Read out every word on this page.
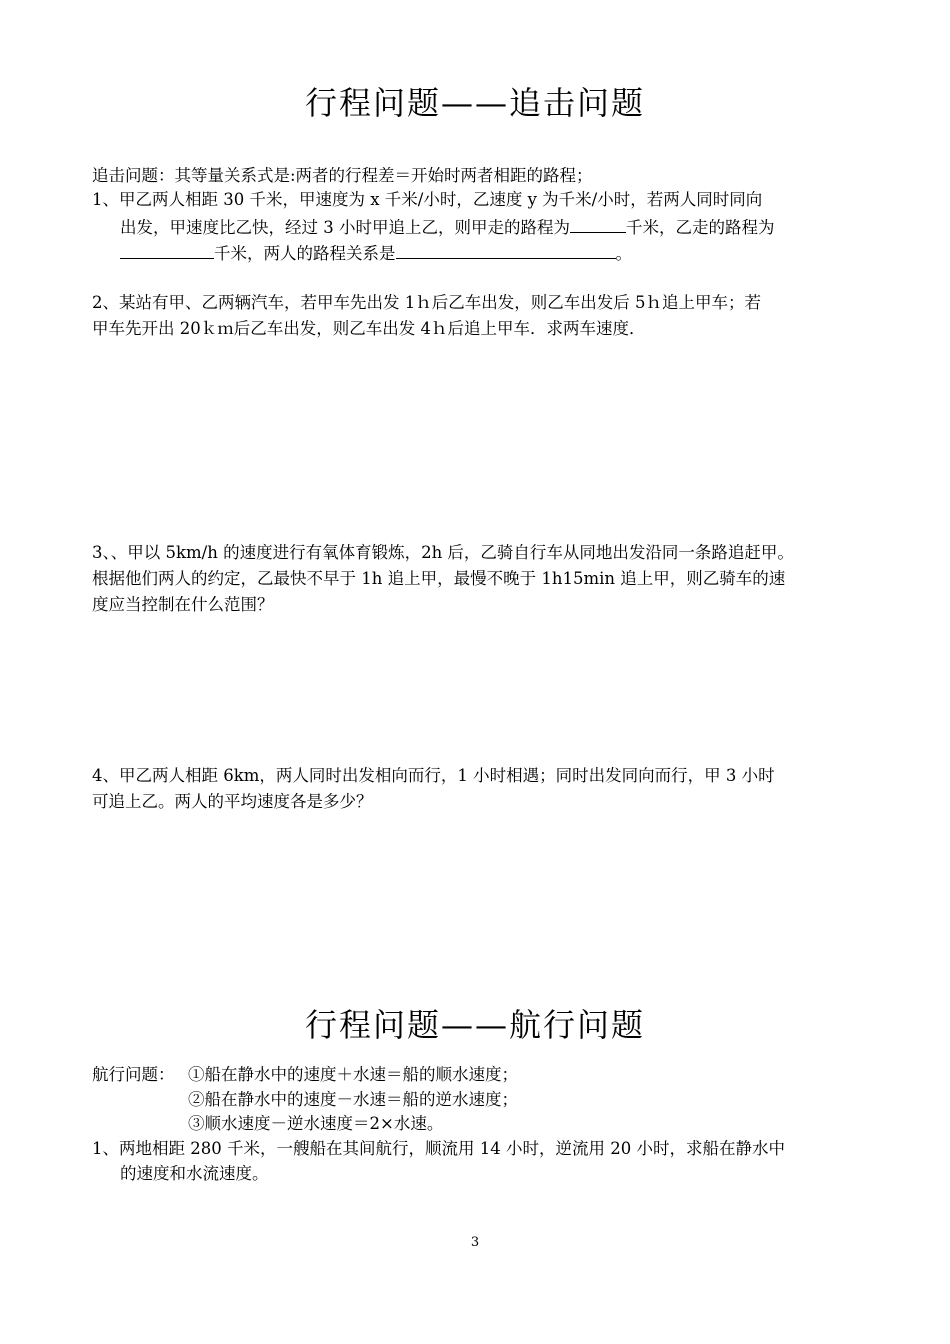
行程问题——追击问题
追击问题：其等量关系式是:两者的行程差＝开始时两者相距的路程；
1、甲乙两人相距 30 千米，甲速度为 x 千米/小时，乙速度 y 为千米/小时，若两人同时同向
出发，甲速度比乙快，经过 3 小时甲追上乙，则甲走的路程为	千米，乙走的路程为
千米，两人的路程关系是	。
2、某站有甲、乙两辆汽车，若甲车先出发 1ｈ后乙车出发，则乙车出发后 5ｈ追上甲车；若
甲车先开出 20ｋｍ后乙车出发，则乙车出发 4ｈ后追上甲车．求两车速度．
3、、甲以 5km/h 的速度进行有氧体育锻炼，2h 后，乙骑自行车从同地出发沿同一条路追赶甲。
根据他们两人的约定，乙最快不早于 1h 追上甲，最慢不晚于 1h15min 追上甲，则乙骑车的速
度应当控制在什么范围？
4、甲乙两人相距 6km，两人同时出发相向而行，1 小时相遇；同时出发同向而行，甲 3 小时
可追上乙。两人的平均速度各是多少？
行程问题——航行问题
航行问题： ①船在静水中的速度＋水速＝船的顺水速度；
②船在静水中的速度－水速＝船的逆水速度；
③顺水速度－逆水速度＝2×水速。
1、两地相距 280 千米，一艘船在其间航行，顺流用 14 小时，逆流用 20 小时，求船在静水中
的速度和水流速度。
3
